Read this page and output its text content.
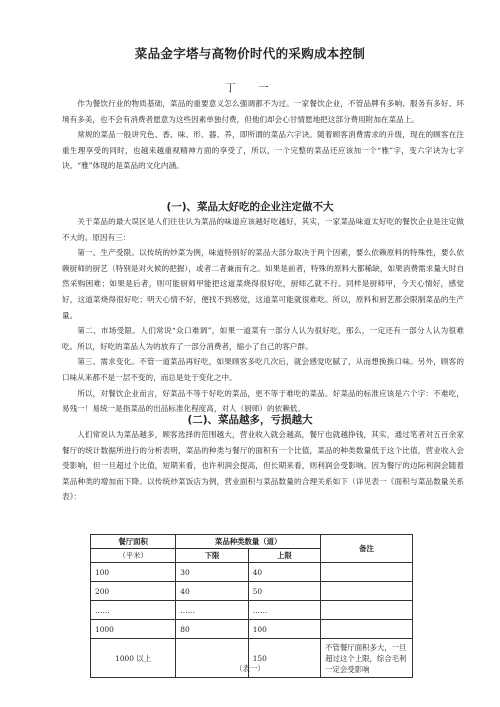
菜品金字塔与高物价时代的采购成本控制
丁　一

作为餐饮行业的物质基础，菜品的重要意义怎么强调都不为过。一家餐饮企业，不管品牌有多响、服务有多好、环境有多美，也不会有消费者愿意为这些因素单独付费，但他们却会心甘情愿地把这部分费用附加在菜品上。

常规的菜品一般讲究色、香、味、形、器、养，即所谓的菜品六字诀。随着顾客消费需求的升级，现在的顾客在注重生理享受的同时，也越来越重视精神方面的享受了，所以，一个完整的菜品还应该加一个“雅”字，变六字诀为七字诀。“雅”体现的是菜品的文化内涵。

(一)、菜品太好吃的企业注定做不大

关于菜品的最大误区是人们往往认为菜品的味道应该越好吃越好，其实，一家菜品味道太好吃的餐饮企业是注定做不大的。原因有三：

第一、生产受限。以传统的炒菜为例，味道特别好的菜品大部分取决于两个因素，要么依赖原料的特殊性，要么依赖厨师的厨艺（特别是对火候的把握），或者二者兼而有之。如果是前者，特殊的原料大都稀缺，如果消费需求量大时自然采购困难；如果是后者，则可能厨师甲能把这道菜烧得很好吃，厨师乙就不行。同样是厨师甲，今天心情好，感觉好，这道菜烧得很好吃；明天心情不好，便找不到感觉，这道菜可能就很难吃。所以，原料和厨艺都会限制菜品的生产量。

第二、市场受限。人们常说“众口难调”，如果一道菜有一部分人认为很好吃，那么，一定还有一部分人认为很难吃。所以，好吃的菜品人为的放弃了一部分消费者，缩小了自己的客户群。

第三、需求变化。不管一道菜品再好吃，如果顾客多吃几次后，就会感觉吃腻了，从而想换换口味。另外，顾客的口味从来都不是一层不变的，而总是处于变化之中。

所以，对餐饮企业而言，好菜品不等于好吃的菜品，更不等于难吃的菜品。好菜品的标准应该是六个字：不难吃，易残一！易统一是指菜品的出品标准化程度高，对人（厨师）的依赖低。

(二)、菜品越多，亏损越大

人们常说认为菜品越多，顾客选择的范围越大，营业收入就会越高，餐厅也就越挣钱，其实，通过笔者对五百余家餐厅的统计数据所进行的分析表明，菜品的种类与餐厅的面积有一个比值，菜品的种类数量低于这个比值，营业收入会受影响，但一旦超过个比值，短期来看，也许利润会提高，但长期来看，则利润会受影响。因为餐厅的边际利润会随着菜品种类的增加而下降。以传统炒菜饭店为例，营业面积与菜品数量的合理关系如下（详见表一《面积与菜品数量关系表》：

餐厅面积	菜品种类数量（道）		备注
（平米）	下限	上限	
100	30	40	
200	40	50	
……	……	……	
1000	80	100	
1000 以上		150	不管餐厅面积多大，一旦超过这个上限，综合毛利一定会受影响
（表一）
